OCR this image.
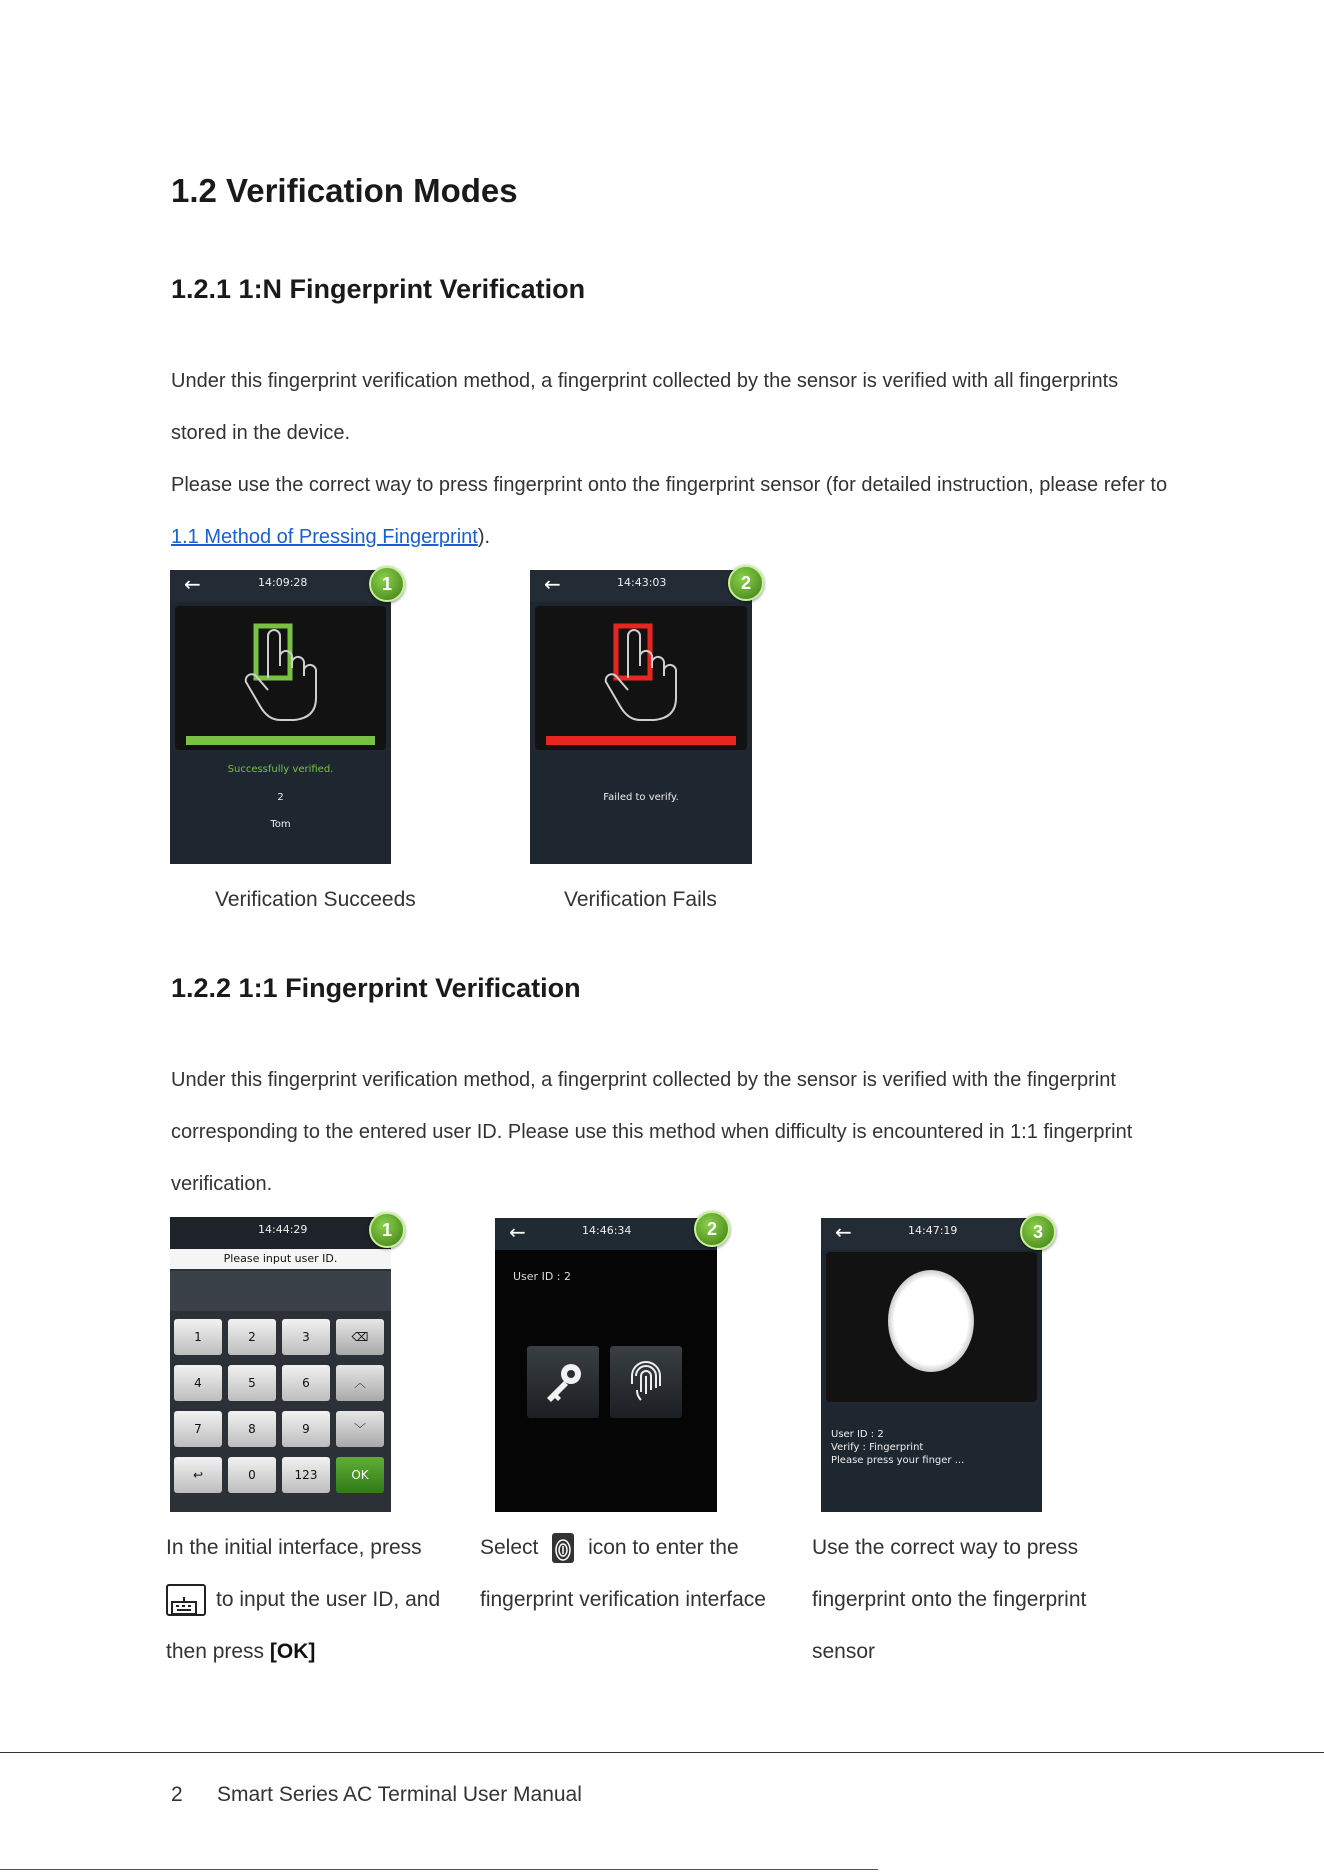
1.2 Verification Modes
1.2.1 1:N Fingerprint Verification

Under this fingerprint verification method, a fingerprint collected by the sensor is verified with all fingerprints stored in the device.

Please use the correct way to press fingerprint onto the fingerprint sensor (for detailed instruction, please refer to 1.1 Method of Pressing Fingerprint).

←	14:09:28
Successfully verified.
2
Tom
1
Verification Succeeds
←	14:43:03
Failed to verify.
2
Verification Fails
1.2.2 1:1 Fingerprint Verification
Under this fingerprint verification method, a fingerprint collected by the sensor is verified with the fingerprint corresponding to the entered user ID. Please use this method when difficulty is encountered in 1:1 fingerprint verification.
14:44:29
Please input user ID.
1	2	3	⌫
4	5	6	︿
7	8	9	﹀
↩	0	123	OK
1	←	14:46:34
User ID : 2
2	←	14:47:19
User ID : 2
Verify : Fingerprint
Please press your finger ...
3
In the initial interface, press
to input the user ID, and then press [OK]
Select icon to enter the fingerprint verification interface
Use the correct way to press fingerprint onto the fingerprint sensor
2 Smart Series AC Terminal User Manual
